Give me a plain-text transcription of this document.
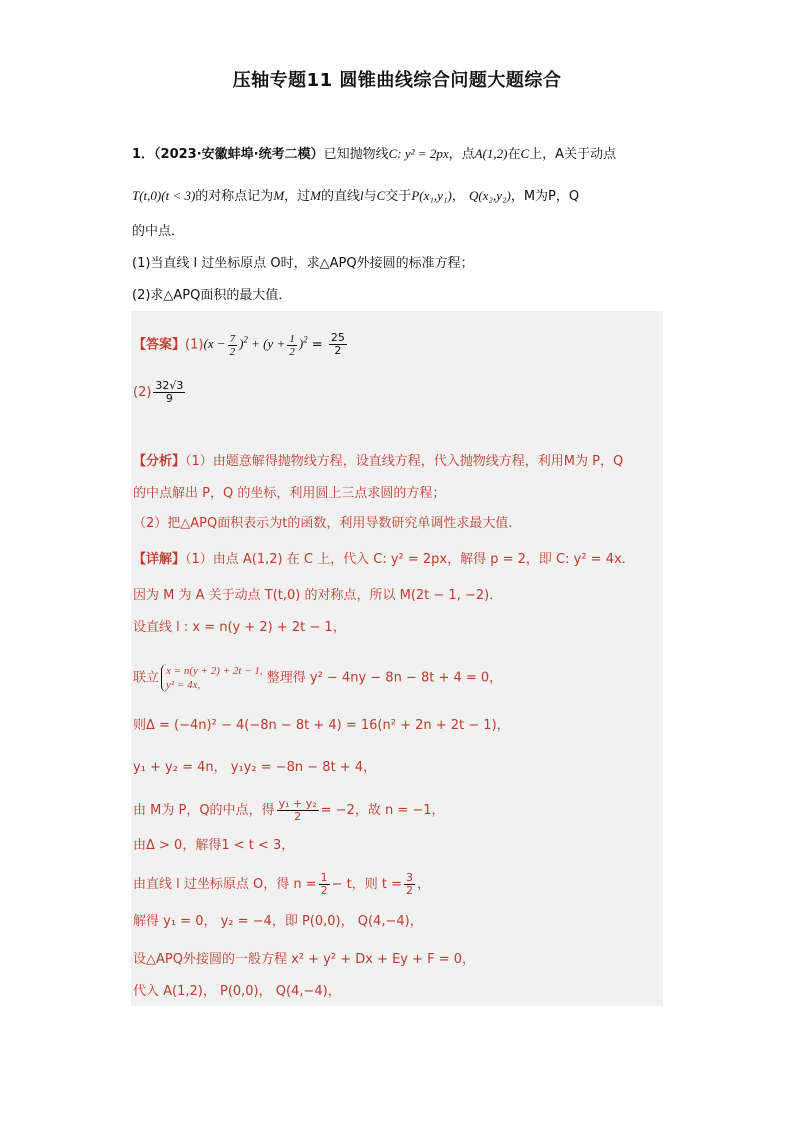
压轴专题11 圆锥曲线综合问题大题综合
1．（2023·安徽蚌埠·统考二模）已知抛物线C: y² = 2px，点A(1,2)在C上，A关于动点
T(t,0)(t < 3)的对称点记为M，过M的直线l与C交于P(x₁,y₁)， Q(x₂,y₂)，M为P，Q
的中点．
(1)当直线 l 过坐标原点 O时，求△APQ外接圆的标准方程；
(2)求△APQ面积的最大值．
【答案】$(1)(x - \frac{7}{2} )^2 + (y + \frac{1}{2} )^2 = \frac{25}{2}$
$(2) \frac{32√3}{9}$
【分析】（1）由题意解得抛物线方程，设直线方程，代入抛物线方程，利用M为 P，Q
的中点解出 P，Q 的坐标，利用圆上三点求圆的方程；
（2）把△APQ面积表示为t的函数，利用导数研究单调性求最大值.
【详解】（1）由点 A(1,2) 在 C 上，代入 C: y² = 2px，解得 p = 2，即 C: y² = 4x．
因为 M 为 A 关于动点 T(t,0) 的对称点，所以 M(2t − 1, −2)．
设直线 l : x = n(y + 2) + 2t − 1，
联立 x = n(y + 2) + 2t − 1,
y² = 4x,	整理得 y² − 4ny − 8n − 8t + 4 = 0，
则Δ = (−4n)² − 4(−8n − 8t + 4) = 16(n² + 2n + 2t − 1)，
y₁ + y₂ = 4n， y₁y₂ = −8n − 8t + 4，
由 M为 P，Q的中点，得 $\frac{\text{y₁ + y₂}}{2} = -2$，故 n = −1，
由Δ > 0，解得1 < t < 3，
由直线 l 过坐标原点 O，得 $n = \frac{1}{2} - t$，则 $t = \frac{3}{2}$ ，
解得 y₁ = 0， y₂ = −4，即 P(0,0)， Q(4,−4)，
设△APQ外接圆的一般方程 x² + y² + Dx + Ey + F = 0，
代入 A(1,2)， P(0,0)， Q(4,−4)，
